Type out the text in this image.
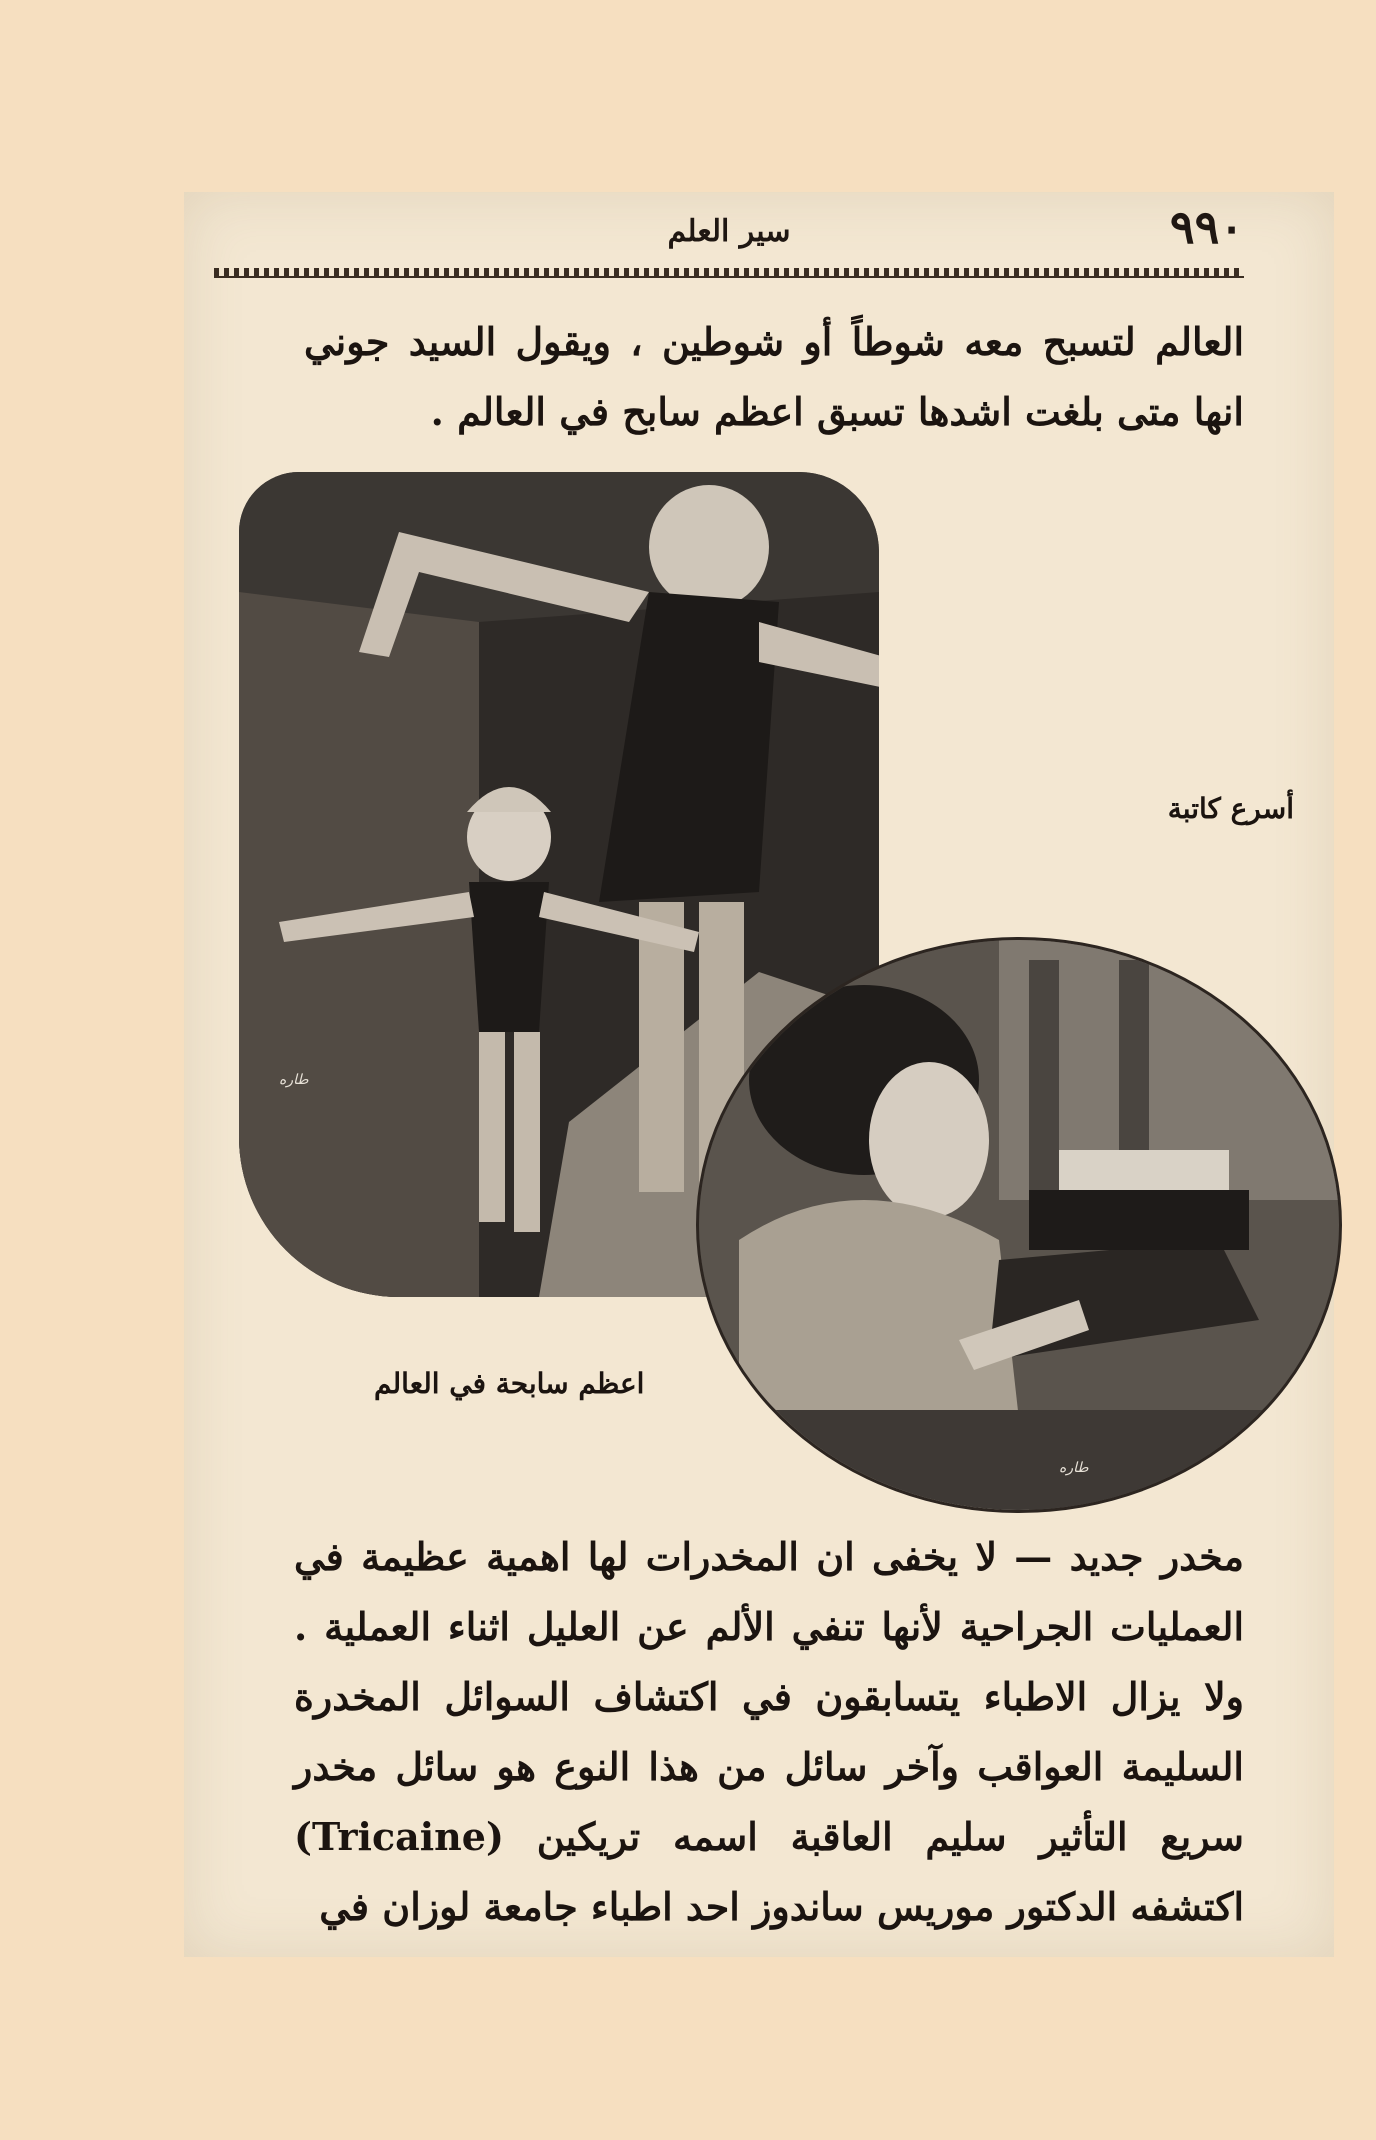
٩٩٠
سير العلم

العالم لتسبح معه شوطاً أو شوطين ، ويقول السيد جوني انها متى بلغت اشدها تسبق اعظم سابح في العالم .

طاره
أسرع كاتبة
طاره
اعظم سابحة في العالم

مخدر جديد — لا يخفى ان المخدرات لها اهمية عظيمة في العمليات الجراحية لأنها تنفي الألم عن العليل اثناء العملية . ولا يزال الاطباء يتسابقون في اكتشاف السوائل المخدرة السليمة العواقب وآخر سائل من هذا النوع هو سائل مخدر سريع التأثير سليم العاقبة اسمه تريكين (Tricaine) اكتشفه الدكتور موريس ساندوز احد اطباء جامعة لوزان في
